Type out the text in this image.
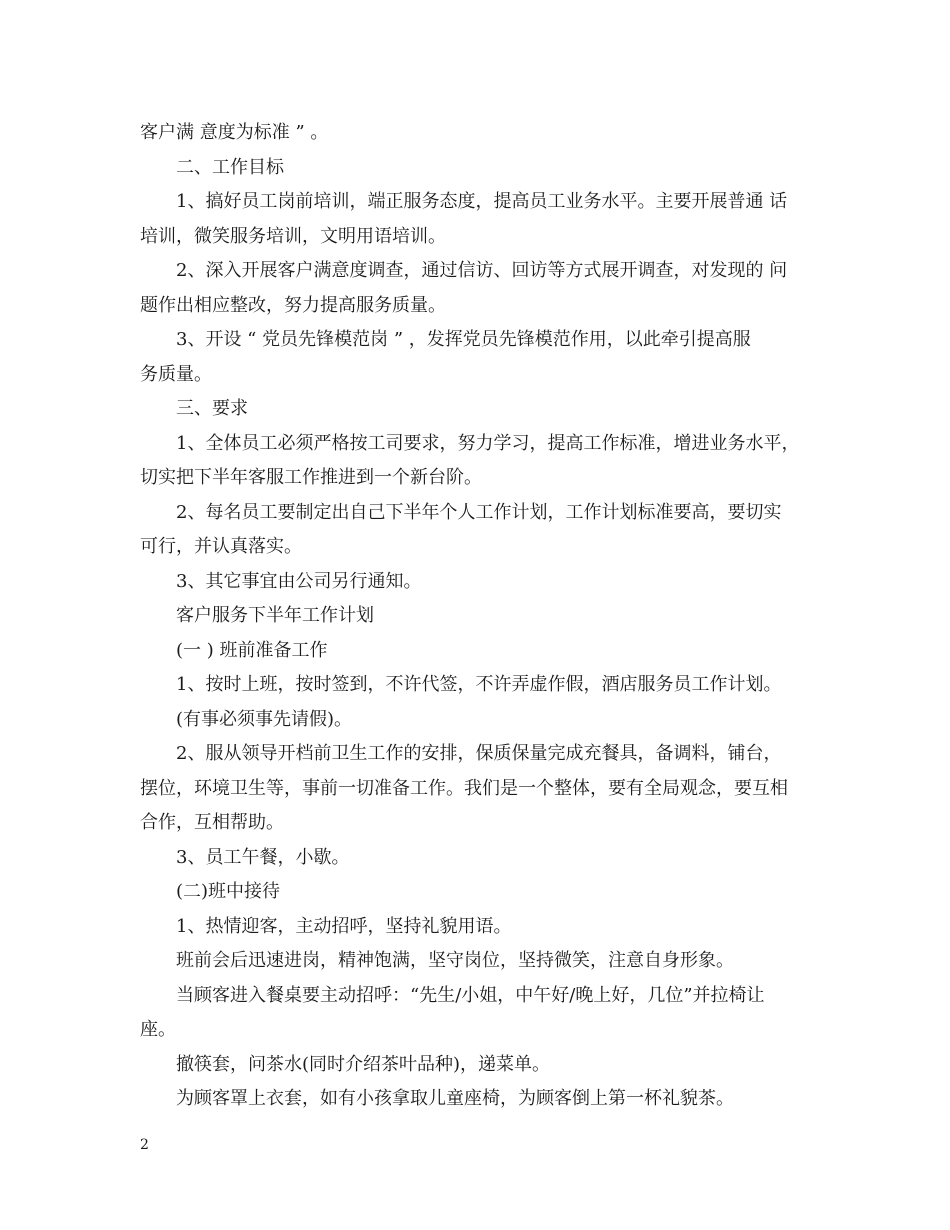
客户满 意度为标准 ” 。
二、工作目标
1、搞好员工岗前培训，端正服务态度，提高员工业务水平。主要开展普通 话
培训，微笑服务培训，文明用语培训。
2、深入开展客户满意度调查，通过信访、回访等方式展开调查，对发现的 问
题作出相应整改，努力提高服务质量。
3、开设 “ 党员先锋模范岗 ” ，发挥党员先锋模范作用，以此牵引提高服
务质量。
三、要求
1、全体员工必须严格按工司要求，努力学习，提高工作标准，增进业务水平，
切实把下半年客服工作推进到一个新台阶。
2、每名员工要制定出自己下半年个人工作计划，工作计划标准要高，要切实
可行，并认真落实。
3、其它事宜由公司另行通知。
客户服务下半年工作计划
(一 ) 班前准备工作
1、按时上班，按时签到，不许代签，不许弄虚作假，酒店服务员工作计划。
(有事必须事先请假)。
2、服从领导开档前卫生工作的安排，保质保量完成充餐具，备调料，铺台，
摆位，环境卫生等，事前一切准备工作。我们是一个整体，要有全局观念，要互相
合作，互相帮助。
3、员工午餐，小歇。
(二)班中接待
1、热情迎客，主动招呼，坚持礼貌用语。
班前会后迅速进岗，精神饱满，坚守岗位，坚持微笑，注意自身形象。
当顾客进入餐桌要主动招呼：“先生/小姐，中午好/晚上好，几位”并拉椅让
座。
撤筷套，问茶水(同时介绍茶叶品种)，递菜单。
为顾客罩上衣套，如有小孩拿取儿童座椅，为顾客倒上第一杯礼貌茶。
2
